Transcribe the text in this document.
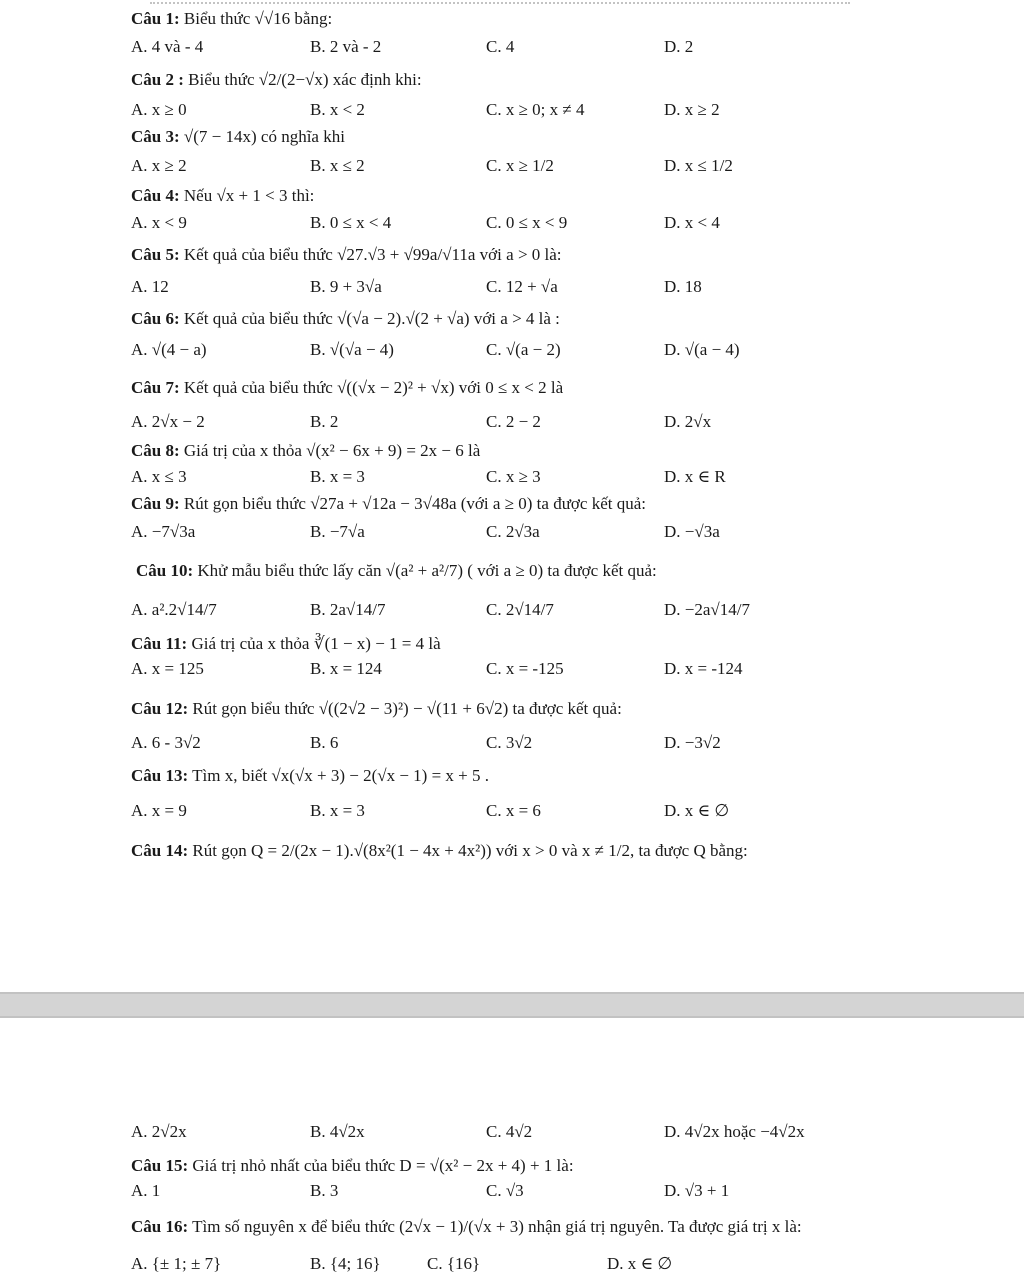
Câu 1: Biểu thức √√16 bằng:
A. 4 và - 4	B. 2 và - 2	C. 4	D. 2
Câu 2 : Biểu thức √2/(2−√x) xác định khi:
A. x ≥ 0	B. x < 2	C. x ≥ 0; x ≠ 4	D. x ≥ 2
Câu 3: √(7 − 14x) có nghĩa khi
A. x ≥ 2	B. x ≤ 2	C. x ≥ 1/2	D. x ≤ 1/2
Câu 4: Nếu √x + 1 < 3 thì:
A. x < 9	B. 0 ≤ x < 4	C. 0 ≤ x < 9	D. x < 4
Câu 5: Kết quả của biểu thức √27.√3 + √99a/√11a với a > 0 là:
A. 12	B. 9 + 3√a	C. 12 + √a	D. 18
Câu 6: Kết quả của biểu thức √(√a − 2).√(2 + √a) với a > 4 là :
A. √(4 − a)	B. √(√a − 4)	C. √(a − 2)	D. √(a − 4)
Câu 7: Kết quả của biểu thức √((√x − 2)² + √x) với 0 ≤ x < 2 là
A. 2√x − 2	B. 2	C. 2 − 2	D. 2√x
Câu 8: Giá trị của x thỏa √(x² − 6x + 9) = 2x − 6 là
A. x ≤ 3	B. x = 3	C. x ≥ 3	D. x ∈ R
Câu 9: Rút gọn biểu thức √27a + √12a − 3√48a (với a ≥ 0) ta được kết quả:
A. −7√3a	B. −7√a	C. 2√3a	D. −√3a
Câu 10: Khử mẫu biểu thức lấy căn √(a² + a²/7) ( với a ≥ 0) ta được kết quả:
A. a².2√14/7	B. 2a√14/7	C. 2√14/7	D. −2a√14/7
Câu 11: Giá trị của x thỏa ∛(1 − x) − 1 = 4 là
A. x = 125	B. x = 124	C. x = -125	D. x = -124
Câu 12: Rút gọn biểu thức √((2√2 − 3)²) − √(11 + 6√2) ta được kết quả:
A. 6 - 3√2	B. 6	C. 3√2	D. −3√2
Câu 13: Tìm x, biết √x(√x + 3) − 2(√x − 1) = x + 5 .
A. x = 9	B. x = 3	C. x = 6	D. x ∈ ∅
Câu 14: Rút gọn Q = 2/(2x − 1).√(8x²(1 − 4x + 4x²)) với x > 0 và x ≠ 1/2, ta được Q bằng:
A. 2√2x	B. 4√2x	C. 4√2	D. 4√2x hoặc −4√2x
Câu 15: Giá trị nhỏ nhất của biểu thức D = √(x² − 2x + 4) + 1 là:
A. 1	B. 3	C. √3	D. √3 + 1
Câu 16: Tìm số nguyên x để biểu thức (2√x − 1)/(√x + 3) nhận giá trị nguyên. Ta được giá trị x là:
A. {± 1; ± 7}	B. {4; 16}	C. {16}	D. x ∈ ∅
